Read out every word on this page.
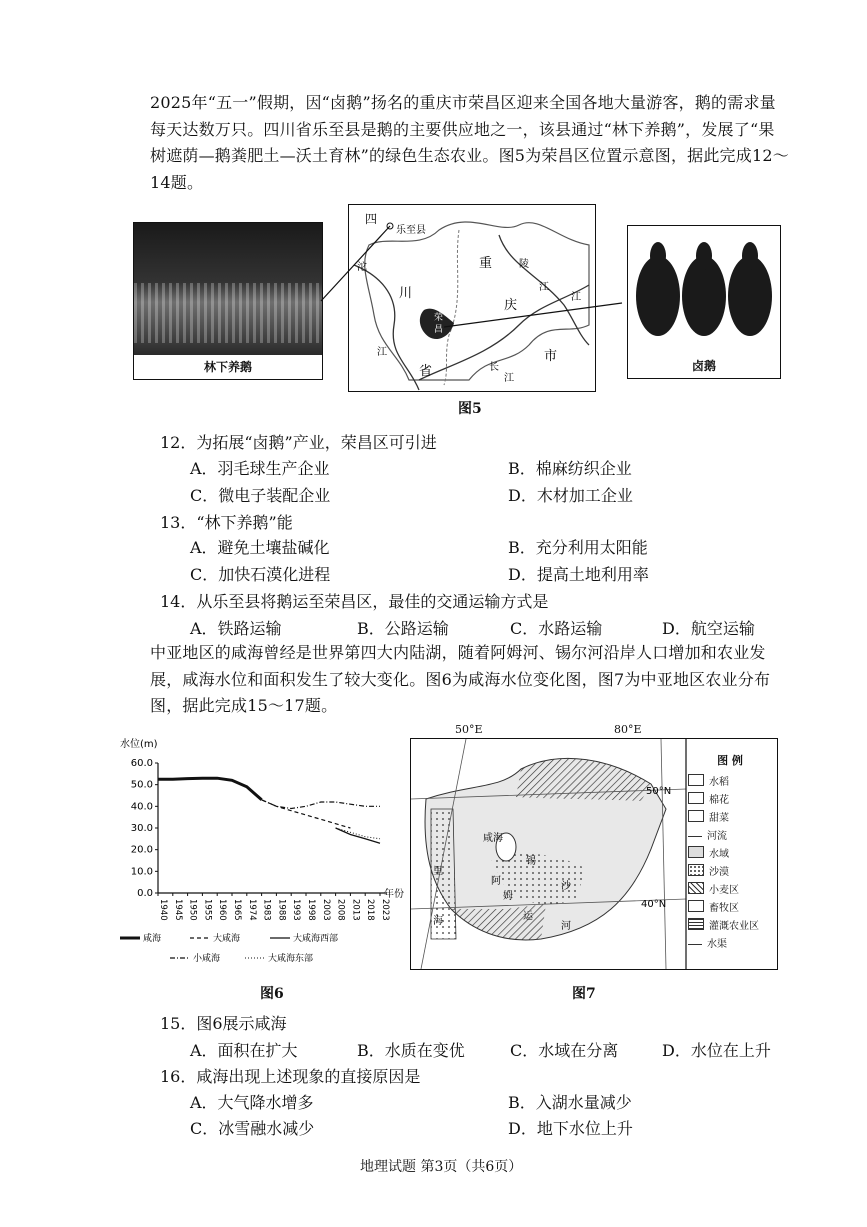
2025年“五一”假期，因“卤鹅”扬名的重庆市荣昌区迎来全国各地大量游客，鹅的需求量每天达数万只。四川省乐至县是鹅的主要供应地之一，该县通过“林下养鹅”，发展了“果树遮荫—鹅粪肥土—沃土育林”的绿色生态农业。图5为荣昌区位置示意图，据此完成12～14题。
林下养鹅	卤鹅
四
乐至县
川
省
重
庆
市
沱
江
陵
江
江
长
江
荣
昌
图5
12．为拓展“卤鹅”产业，荣昌区可引进
A．羽毛球生产企业	B．棉麻纺织企业
C．微电子装配企业	D．木材加工企业
13．“林下养鹅”能
A．避免土壤盐碱化	B．充分利用太阳能
C．加快石漠化进程	D．提高土地利用率
14．从乐至县将鹅运至荣昌区，最佳的交通运输方式是
A．铁路运输	B．公路运输	C．水路运输	D．航空运输
中亚地区的咸海曾经是世界第四大内陆湖，随着阿姆河、锡尔河沿岸人口增加和农业发展，咸海水位和面积发生了较大变化。图6为咸海水位变化图，图7为中亚地区农业分布图，据此完成15～17题。
水位(m)
年份
60.0
50.0
40.0
30.0
20.0
10.0
0.0
1940 1945 1950 1955 1960 1965 1974 1983 1988 1993 1998 2003 2008 2013 2018 2023
咸海	大咸海	大咸海西部
小咸海	大咸海东部
图6
咸海
里
海
阿
锡
沙
姆
河
运
50°N
40°N
50°E	80°E
图 例
水稻
棉花
甜菜
河流
水域
沙漠
小麦区
畜牧区
灌溉农业区
水渠
图7
15．图6展示咸海
A．面积在扩大	B．水质在变优	C．水域在分离	D．水位在上升
16．咸海出现上述现象的直接原因是
A．大气降水增多	B．入湖水量减少
C．冰雪融水减少	D．地下水位上升
地理试题 第3页（共6页）
